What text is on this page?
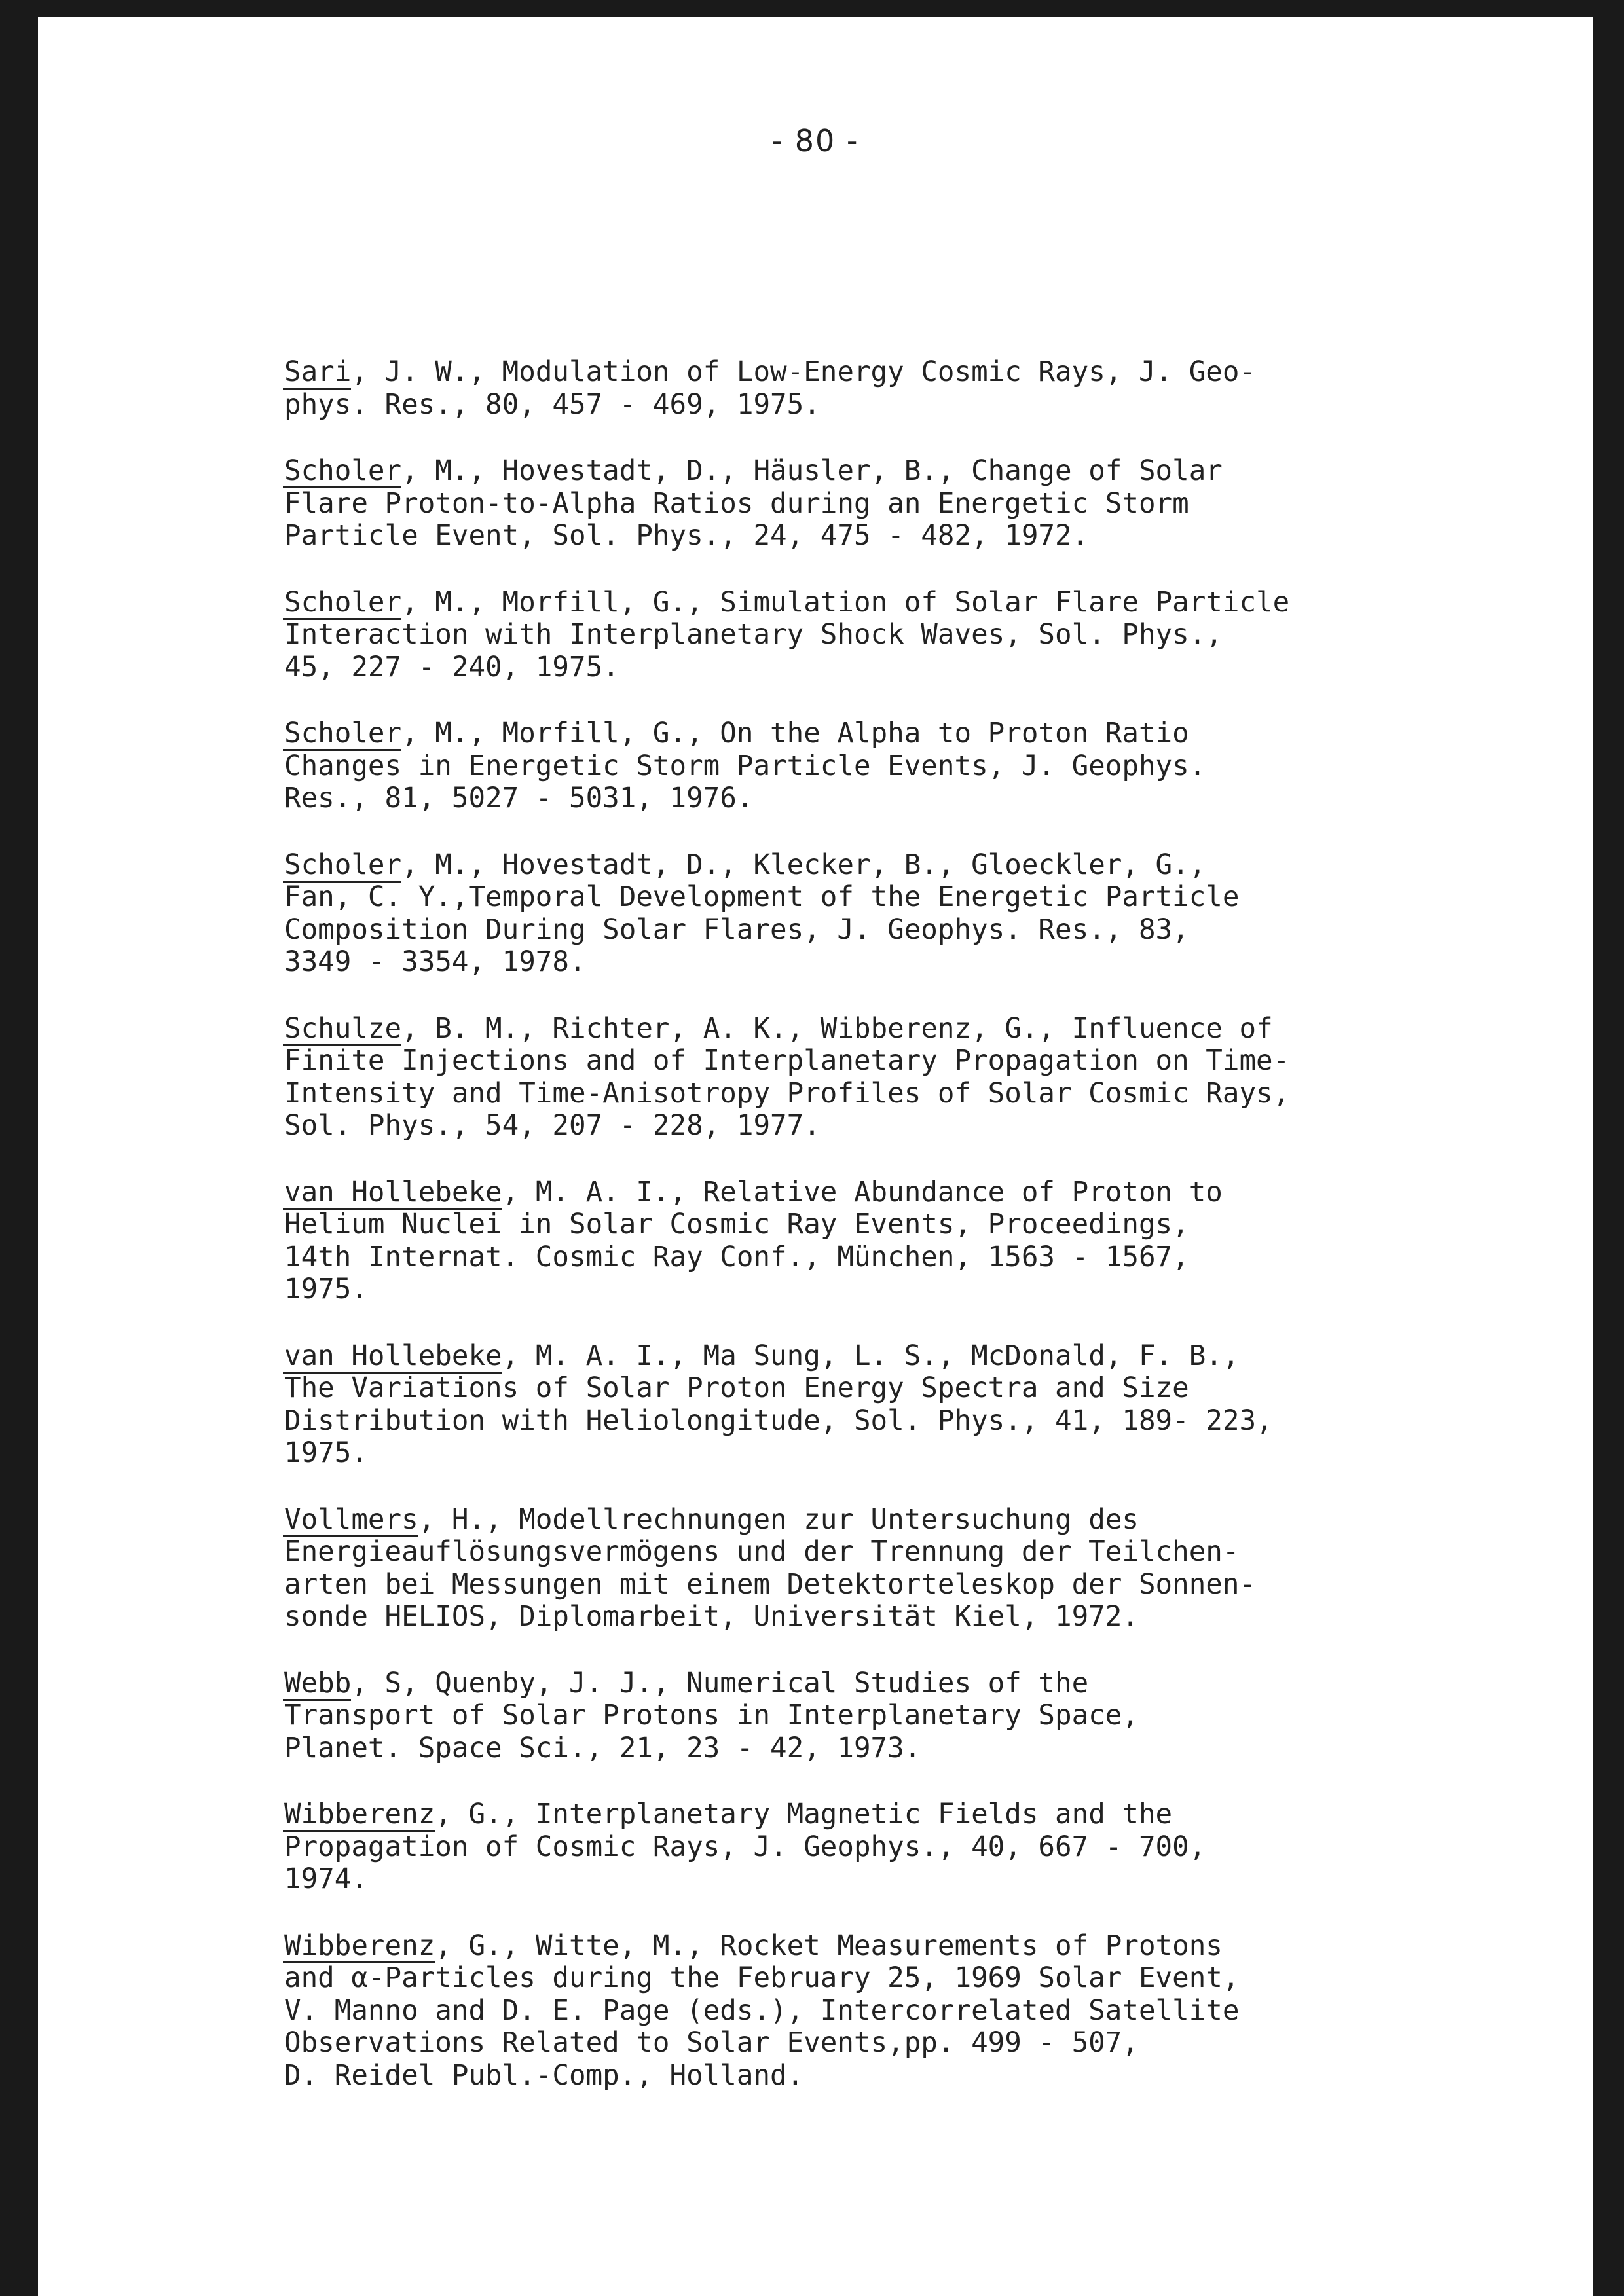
- 80 -
Sari, J. W., Modulation of Low-Energy Cosmic Rays, J. Geo-
phys. Res., 80, 457 - 469, 1975.
Scholer, M., Hovestadt, D., Häusler, B., Change of Solar
Flare Proton-to-Alpha Ratios during an Energetic Storm
Particle Event, Sol. Phys., 24, 475 - 482, 1972.
Scholer, M., Morfill, G., Simulation of Solar Flare Particle
Interaction with Interplanetary Shock Waves, Sol. Phys.,
45, 227 - 240, 1975.
Scholer, M., Morfill, G., On the Alpha to Proton Ratio
Changes in Energetic Storm Particle Events, J. Geophys.
Res., 81, 5027 - 5031, 1976.
Scholer, M., Hovestadt, D., Klecker, B., Gloeckler, G.,
Fan, C. Y.,Temporal Development of the Energetic Particle
Composition During Solar Flares, J. Geophys. Res., 83,
3349 - 3354, 1978.
Schulze, B. M., Richter, A. K., Wibberenz, G., Influence of
Finite Injections and of Interplanetary Propagation on Time-
Intensity and Time-Anisotropy Profiles of Solar Cosmic Rays,
Sol. Phys., 54, 207 - 228, 1977.
van Hollebeke, M. A. I., Relative Abundance of Proton to
Helium Nuclei in Solar Cosmic Ray Events, Proceedings,
14th Internat. Cosmic Ray Conf., München, 1563 - 1567,
1975.
van Hollebeke, M. A. I., Ma Sung, L. S., McDonald, F. B.,
The Variations of Solar Proton Energy Spectra and Size
Distribution with Heliolongitude, Sol. Phys., 41, 189- 223,
1975.
Vollmers, H., Modellrechnungen zur Untersuchung des
Energieauflösungsvermögens und der Trennung der Teilchen-
arten bei Messungen mit einem Detektorteleskop der Sonnen-
sonde HELIOS, Diplomarbeit, Universität Kiel, 1972.
Webb, S, Quenby, J. J., Numerical Studies of the
Transport of Solar Protons in Interplanetary Space,
Planet. Space Sci., 21, 23 - 42, 1973.
Wibberenz, G., Interplanetary Magnetic Fields and the
Propagation of Cosmic Rays, J. Geophys., 40, 667 - 700,
1974.
Wibberenz, G., Witte, M., Rocket Measurements of Protons
and α-Particles during the February 25, 1969 Solar Event,
V. Manno and D. E. Page (eds.), Intercorrelated Satellite
Observations Related to Solar Events,pp. 499 - 507,
D. Reidel Publ.-Comp., Holland.
